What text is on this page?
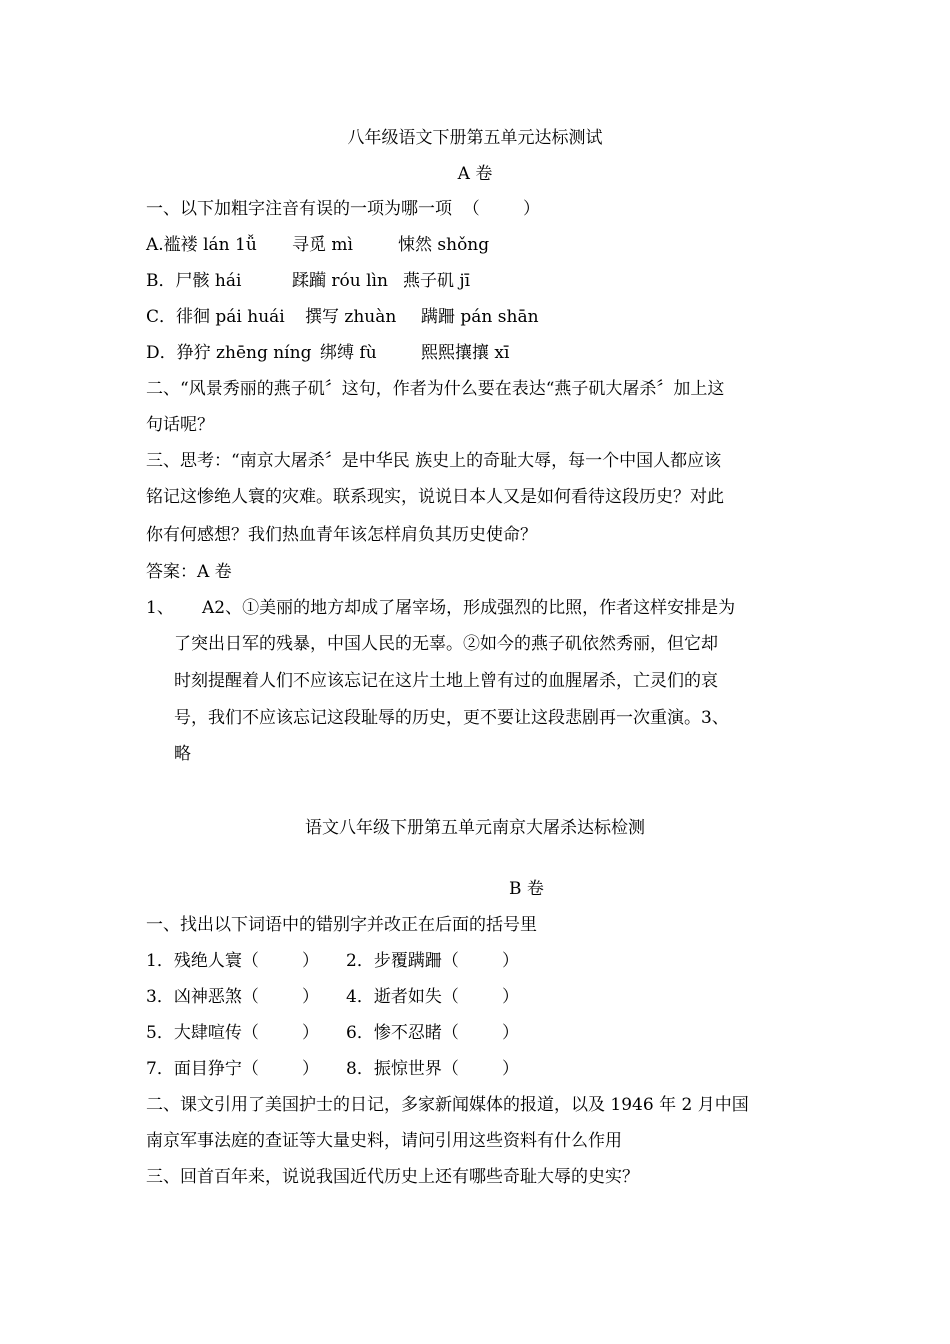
八年级语文下册第五单元达标测试
A 卷
一、以下加粗字注音有误的一项为哪一项  （        ）
A.褴褛 lán 1ǚ 寻觅 mì	悚然 shǒng
B．尸骸 hái	蹂躏 róu lìn 燕子矶 jī
C．徘徊 pái huái 撰写 zhuàn 蹒跚 pán shān
D．狰狞 zhēng níng 绑缚 fù	熙熙攘攘 xī
二、“风景秀丽的燕子矶〞这句，作者为什么要在表达“燕子矶大屠杀〞加上这
句话呢？
三、思考：“南京大屠杀〞是中华民 族史上的奇耻大辱，每一个中国人都应该
铭记这惨绝人寰的灾难。联系现实，说说日本人又是如何看待这段历史？对此
你有何感想？我们热血青年该怎样肩负其历史使命？
答案：A 卷
1、 A2、①美丽的地方却成了屠宰场，形成强烈的比照，作者这样安排是为
了突出日军的残暴，中国人民的无辜。②如今的燕子矶依然秀丽，但它却
时刻提醒着人们不应该忘记在这片土地上曾有过的血腥屠杀，亡灵们的哀
号，我们不应该忘记这段耻辱的历史，更不要让这段悲剧再一次重演。3、
略
语文八年级下册第五单元南京大屠杀达标检测
B 卷
一、找出以下词语中的错别字并改正在后面的括号里
1．残绝人寰（        ） 2．步覆蹒跚（        ）
3．凶神恶煞（        ） 4．逝者如失（        ）
5．大肆喧传（        ） 6．惨不忍睹（        ）
7．面目狰宁（        ） 8．振惊世界（        ）
二、课文引用了美国护士的日记，多家新闻媒体的报道，以及 1946 年 2 月中国
南京军事法庭的查证等大量史料，请问引用这些资料有什么作用
三、回首百年来，说说我国近代历史上还有哪些奇耻大辱的史实？
